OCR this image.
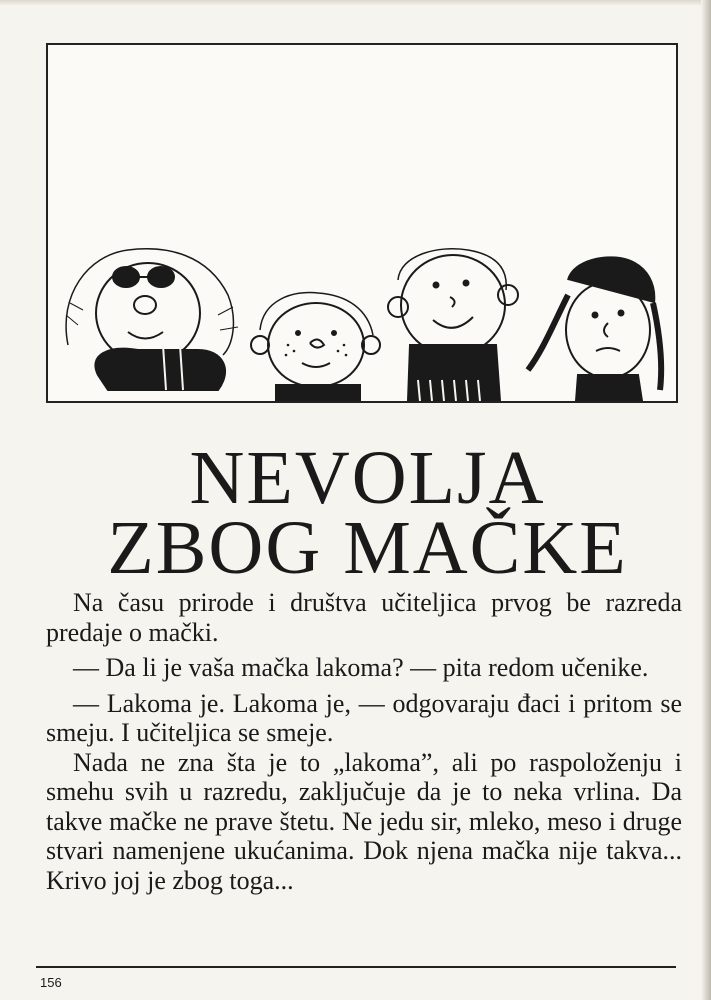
NEVOLJA
ZBOG MAČKE

Na času prirode i društva učiteljica prvog be razreda predaje o mački.

— Da li je vaša mačka lakoma? — pita redom učenike.

— Lakoma je. Lakoma je, — odgovaraju đaci i pritom se smeju. I učiteljica se smeje.

Nada ne zna šta je to „lakoma”, ali po raspoloženju i smehu svih u razredu, zaključuje da je to neka vrlina. Da takve mačke ne prave štetu. Ne jedu sir, mleko, meso i druge stvari namenjene ukućanima. Dok njena mačka nije takva... Krivo joj je zbog toga...

156
